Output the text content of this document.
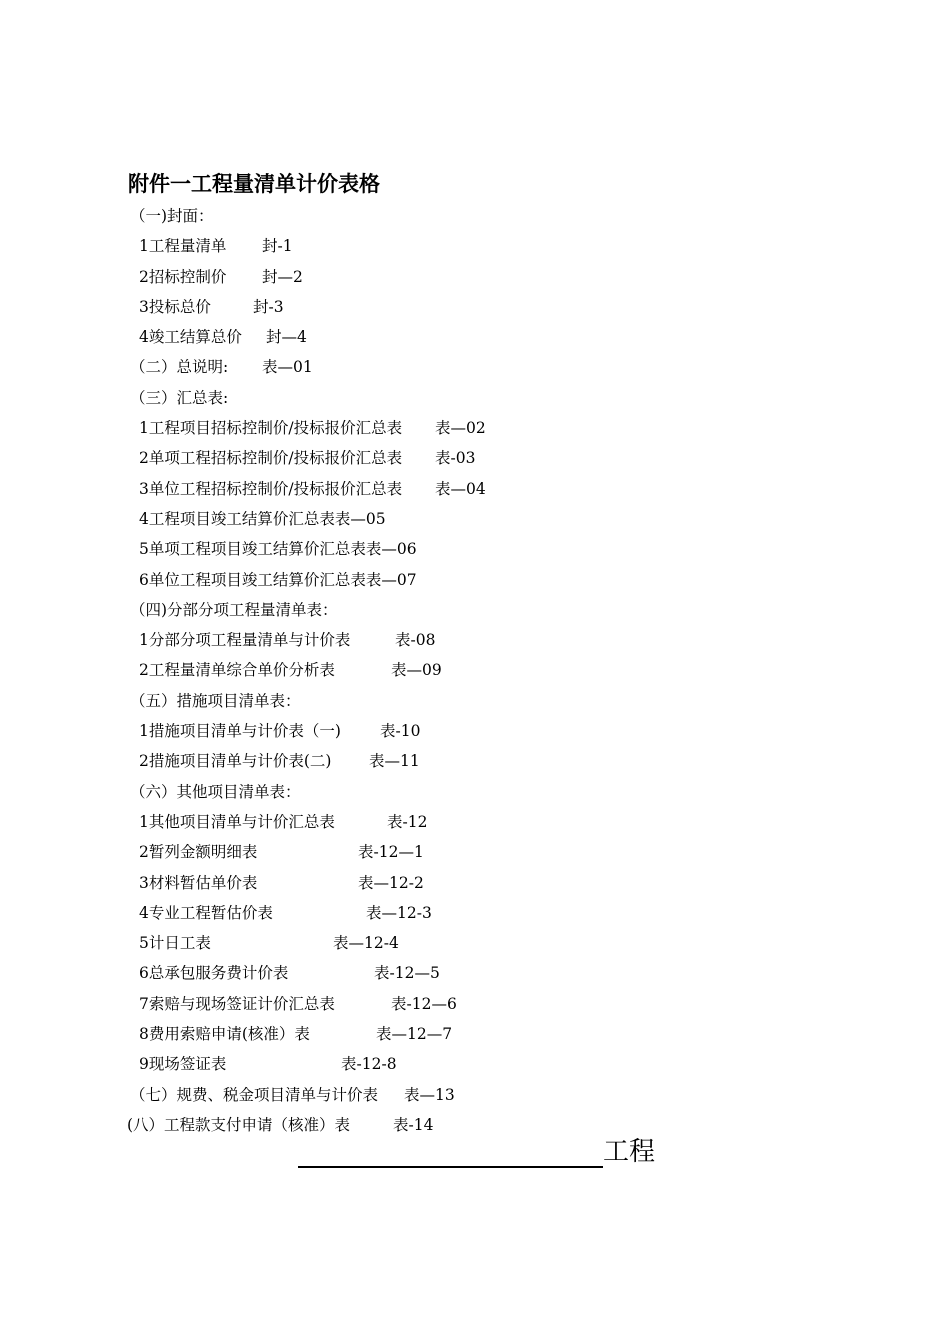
附件一工程量清单计价表格
（一)封面：
1工程量清单 封-1
2招标控制价 封—2
3投标总价	封-3
4竣工结算总价 封—4
（二）总说明: 表—01
（三）汇总表:
1工程项目招标控制价/投标报价汇总表 表—02
2单项工程招标控制价/投标报价汇总表 表-03
3单位工程招标控制价/投标报价汇总表 表—04
4工程项目竣工结算价汇总表表—05
5单项工程项目竣工结算价汇总表表—06
6单位工程项目竣工结算价汇总表表—07
（四)分部分项工程量清单表：
1分部分项工程量清单与计价表	表-08
2工程量清单综合单价分析表	表—09
（五）措施项目清单表：
1措施项目清单与计价表（一)	表-10
2措施项目清单与计价表(二) 表—11
（六）其他项目清单表：
1其他项目清单与计价汇总表	表-12
2暂列金额明细表	表-12—1
3材料暂估单价表	表—12-2
4专业工程暂估价表	表—12-3
5计日工表	表—12-4
6总承包服务费计价表	表-12—5
7索赔与现场签证计价汇总表	表-12—6
8费用索赔申请(核准）表	表—12—7
9现场签证表	表-12-8
（七）规费、税金项目清单与计价表 表—13
(八）工程款支付申请（核准）表	表-14
工程
